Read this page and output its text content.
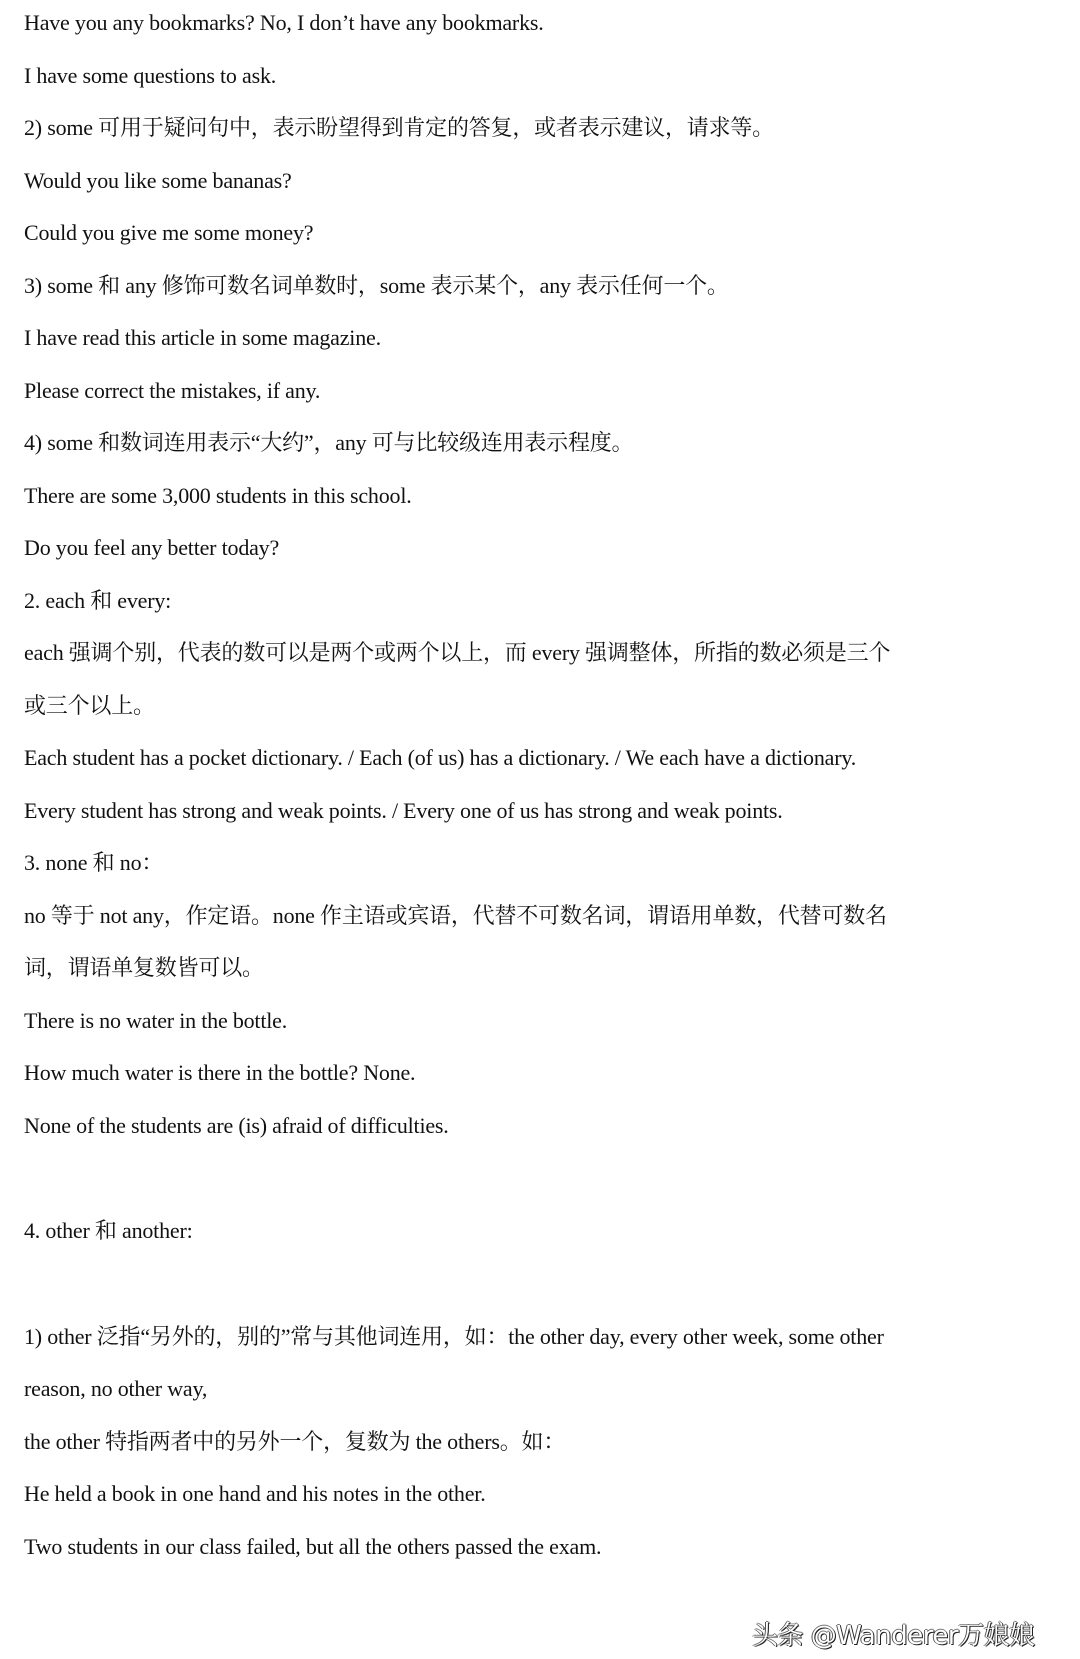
Have you any bookmarks? No, I don’t have any bookmarks.
I have some questions to ask.
2) some 可用于疑问句中，表示盼望得到肯定的答复，或者表示建议，请求等。
Would you like some bananas?
Could you give me some money?
3) some 和 any 修饰可数名词单数时，some 表示某个，any 表示任何一个。
I have read this article in some magazine.
Please correct the mistakes, if any.
4) some 和数词连用表示“大约”，any 可与比较级连用表示程度。
There are some 3,000 students in this school.
Do you feel any better today?
2. each 和 every:
each 强调个别，代表的数可以是两个或两个以上，而 every 强调整体，所指的数必须是三个
或三个以上。
Each student has a pocket dictionary. / Each (of us) has a dictionary. / We each have a dictionary.
Every student has strong and weak points. / Every one of us has strong and weak points.
3. none 和 no：
no 等于 not any，作定语。none 作主语或宾语，代替不可数名词，谓语用单数，代替可数名
词，谓语单复数皆可以。
There is no water in the bottle.
How much water is there in the bottle? None.
None of the students are (is) afraid of difficulties.
4. other 和 another:
1) other 泛指“另外的，别的”常与其他词连用，如：the other day, every other week, some other
reason, no other way,
the other 特指两者中的另外一个，复数为 the others。如：
He held a book in one hand and his notes in the other.
Two students in our class failed, but all the others passed the exam.
头条 @Wanderer万娘娘
